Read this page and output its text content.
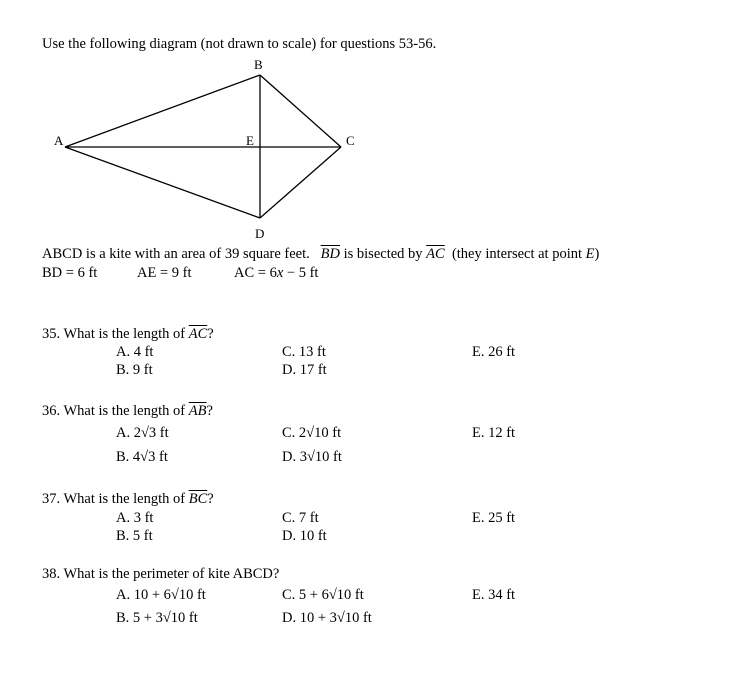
Use the following diagram (not drawn to scale) for questions 53-56.
B
A	E	C
D
ABCD is a kite with an area of 39 square feet. $\overline{BD}$ is bisected by $\overline{AC}$ (they intersect at point E)
BD = 6 ft	AE = 9 ft	AC = 6x − 5 ft
35. What is the length of $\overline{AC}$?
A. 4 ft
B. 9 ft
C. 13 ft
D. 17 ft
E. 26 ft
36. What is the length of $\overline{AB}$?
A. 2√3 ft
B. 4√3 ft
C. 2√10 ft
D. 3√10 ft
E. 12 ft
37. What is the length of $\overline{BC}$?
A. 3 ft
B. 5 ft
C. 7 ft
D. 10 ft
E. 25 ft
38. What is the perimeter of kite ABCD?
A. 10 + 6√10 ft
B. 5 + 3√10 ft
C. 5 + 6√10 ft
D. 10 + 3√10 ft
E. 34 ft
